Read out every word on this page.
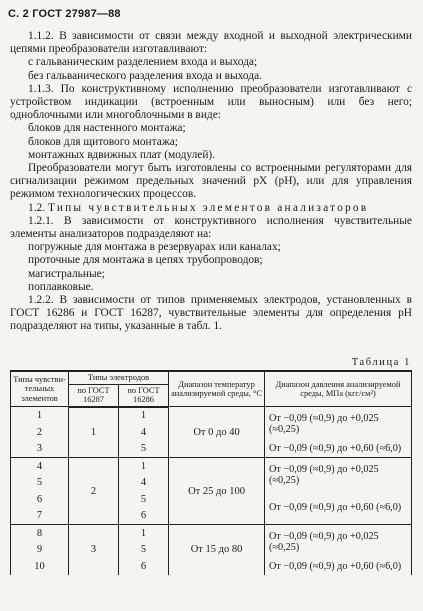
С. 2 ГОСТ 27987—88

1.1.2. В зависимости от связи между входной и выходной электрическими цепями преобразователи изготавливают:

с гальваническим разделением входа и выхода;

без гальванического разделения входа и выхода.

1.1.3. По конструктивному исполнению преобразователи изготавливают с устройством индикации (встроенным или выносным) или без него; одноблочными или многоблочными в виде:

блоков для настенного монтажа;

блоков для щитового монтажа;

монтажных вдвижных плат (модулей).

Преобразователи могут быть изготовлены со встроенными регуляторами для сигнализации режимом предельных значений pX (pH), или для управления режимом технологических процессов.

1.2. Типы чувствительных элементов анализаторов

1.2.1. В зависимости от конструктивного исполнения чувствительные элементы анализаторов подразделяют на:

погружные для монтажа в резервуарах или каналах;

проточные для монтажа в цепях трубопроводов;

магистральные;

поплавковые.

1.2.2. В зависимости от типов применяемых электродов, установленных в ГОСТ 16286 и ГОСТ 16287, чувствительные элементы для определения pH подразделяют на типы, указанные в табл. 1.

Таблица 1
Типы чувстви-тельных элементов	Типы электродов		Диапазон температур анализируемой среды, °С	Диапазон давления анализируемой среды, МПа (кгс/см²)
	по ГОСТ 16287	по ГОСТ 16286		
1	1	1	От 0 до 40	От −0,09 (≈0,9) до +0,025 (≈0,25)
2		4		
3		5		От −0,09 (≈0,9) до +0,60 (≈6,0)
4	2	1	От 25 до 100	От −0,09 (≈0,9) до +0,025 (≈0,25)
5		4		
6		5		От −0,09 (≈0,9) до +0,60 (≈6,0)
7		6		
8	3	1	От 15 до 80	От −0,09 (≈0,9) до +0,025 (≈0,25)
9		5		
10		6		От −0,09 (≈0,9) до +0,60 (≈6,0)
